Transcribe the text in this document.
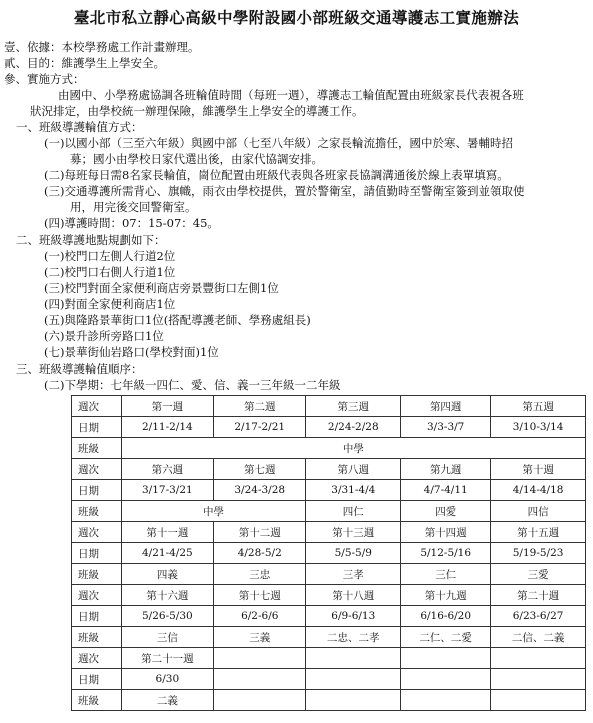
臺北市私立靜心高級中學附設國小部班級交通導護志工實施辦法
壹、依據：本校學務處工作計畫辦理。
貳、目的：維護學生上學安全。
參、實施方式：
由國中、小學務處協調各班輪值時間（每班一週），導護志工輪值配置由班級家長代表視各班
狀況排定，由學校統一辦理保險，維護學生上學安全的導護工作。
一、班級導護輪值方式：
(一)以國小部（三至六年級）與國中部（七至八年級）之家長輪流擔任，國中於寒、暑輔時招
募；國小由學校日家代選出後，由家代協調安排。
(二)每班每日需8名家長輪值，崗位配置由班級代表與各班家長協調溝通後於線上表單填寫。
(三)交通導護所需背心、旗幟，雨衣由學校提供，置於警衛室，請值勤時至警衛室簽到並領取使
用，用完後交回警衛室。
(四)導護時間：07：15-07：45。
二、班級導護地點規劃如下：
(一)校門口左側人行道2位
(二)校門口右側人行道1位
(三)校門對面全家便利商店旁景豐街口左側1位
(四)對面全家便利商店1位
(五)與隆路景華街口1位(搭配導護老師、學務處組長)
(六)景升診所旁路口1位
(七)景華街仙岩路口(學校對面)1位
三、班級導護輪值順序：
(二)下學期：七年級一四仁、愛、信、義一三年級一二年級
週次	第一週	第二週	第三週	第四週	第五週
日期	2/11-2/14	2/17-2/21	2/24-2/28	3/3-3/7	3/10-3/14
班級	中學				
週次	第六週	第七週	第八週	第九週	第十週
日期	3/17-3/21	3/24-3/28	3/31-4/4	4/7-4/11	4/14-4/18
班級	中學		四仁	四愛	四信
週次	第十一週	第十二週	第十三週	第十四週	第十五週
日期	4/21-4/25	4/28-5/2	5/5-5/9	5/12-5/16	5/19-5/23
班級	四義	三忠	三孝	三仁	三愛
週次	第十六週	第十七週	第十八週	第十九週	第二十週
日期	5/26-5/30	6/2-6/6	6/9-6/13	6/16-6/20	6/23-6/27
班級	三信	三義	二忠、二孝	二仁、二愛	二信、二義
週次	第二十一週				
日期	6/30				
班級	二義				
